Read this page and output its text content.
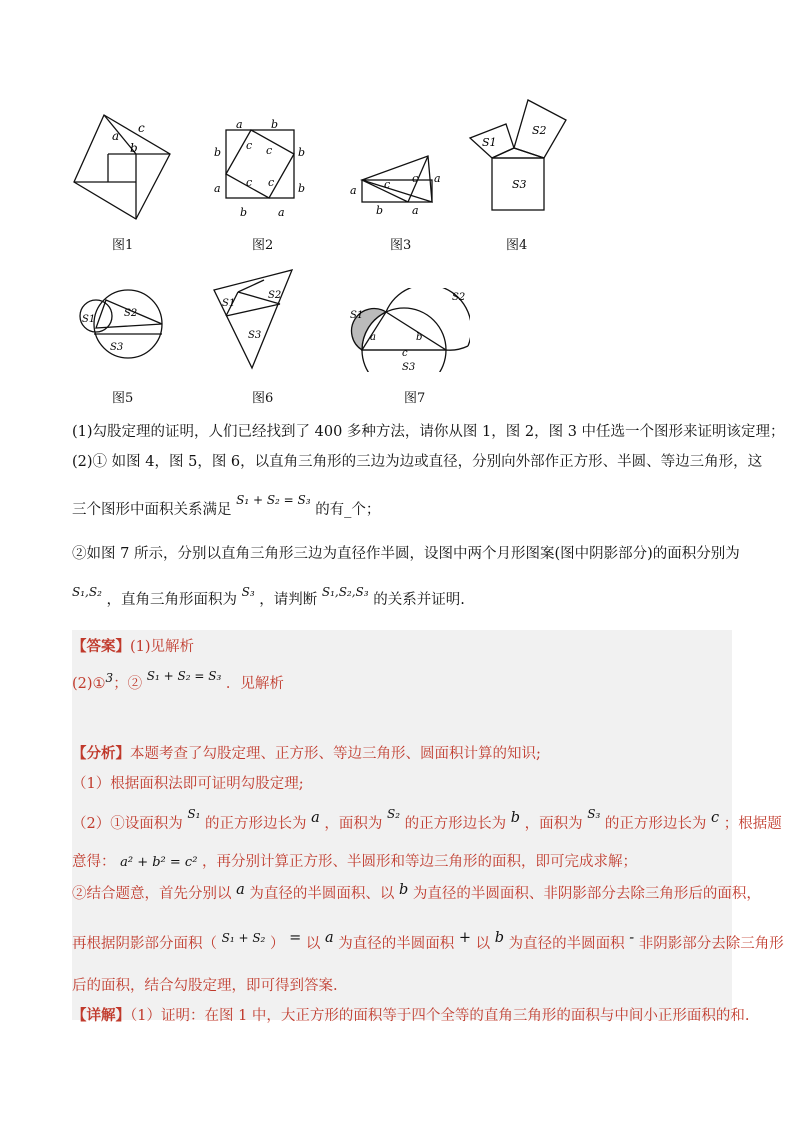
a
c
b
a	b
b
c c b
b
a c
a
c
b
a c c a
b	a
S1
S2
S3
S1
S2
S3
S1
S2
S3
S1
S2
a	b
c
S3
图1	图2	图3	图4
图5	图6	图7
(1)勾股定理的证明，人们已经找到了 400 多种方法，请你从图 1，图 2，图 3 中任选一个图形来证明该定理；
(2)① 如图 4，图 5，图 6，以直角三角形的三边为边或直径，分别向外部作正方形、半圆、等边三角形，这
三个图形中面积关系满足 $^{S_1 + S_2 = S_3}$ 的有_个；
②如图 7 所示，分别以直角三角形三边为直径作半圆，设图中两个月形图案(图中阴影部分)的面积分别为
$^{S_1,S_2}$ ，直角三角形面积为 $^{S_3}$ ，请判断 $^{S_1,S_2,S_3}$ 的关系并证明.
【答案】(1)见解析
(2)①$^3$；② $^{S_1 + S_2 = S_3}$ ．见解析
【分析】本题考查了勾股定理、正方形、等边三角形、圆面积计算的知识;
（1）根据面积法即可证明勾股定理;
（2）①设面积为 $^{S_1}$ 的正方形边长为 a ，面积为 $^{S_2}$ 的正方形边长为 b ，面积为 $^{S_3}$ 的正方形边长为 c ；根据题
意得： a² + b² = c² ，再分别计算正方形、半圆形和等边三角形的面积，即可完成求解；
②结合题意，首先分别以 a 为直径的半圆面积、以 b 为直径的半圆面积、非阴影部分去除三角形后的面积，
再根据阴影部分面积（ $^{S_1 + S_2}$ ） = 以 a 为直径的半圆面积 + 以 b 为直径的半圆面积 - 非阴影部分去除三角形
后的面积，结合勾股定理，即可得到答案.
【详解】（1）证明：在图 1 中，大正方形的面积等于四个全等的直角三角形的面积与中间小正形面积的和.
